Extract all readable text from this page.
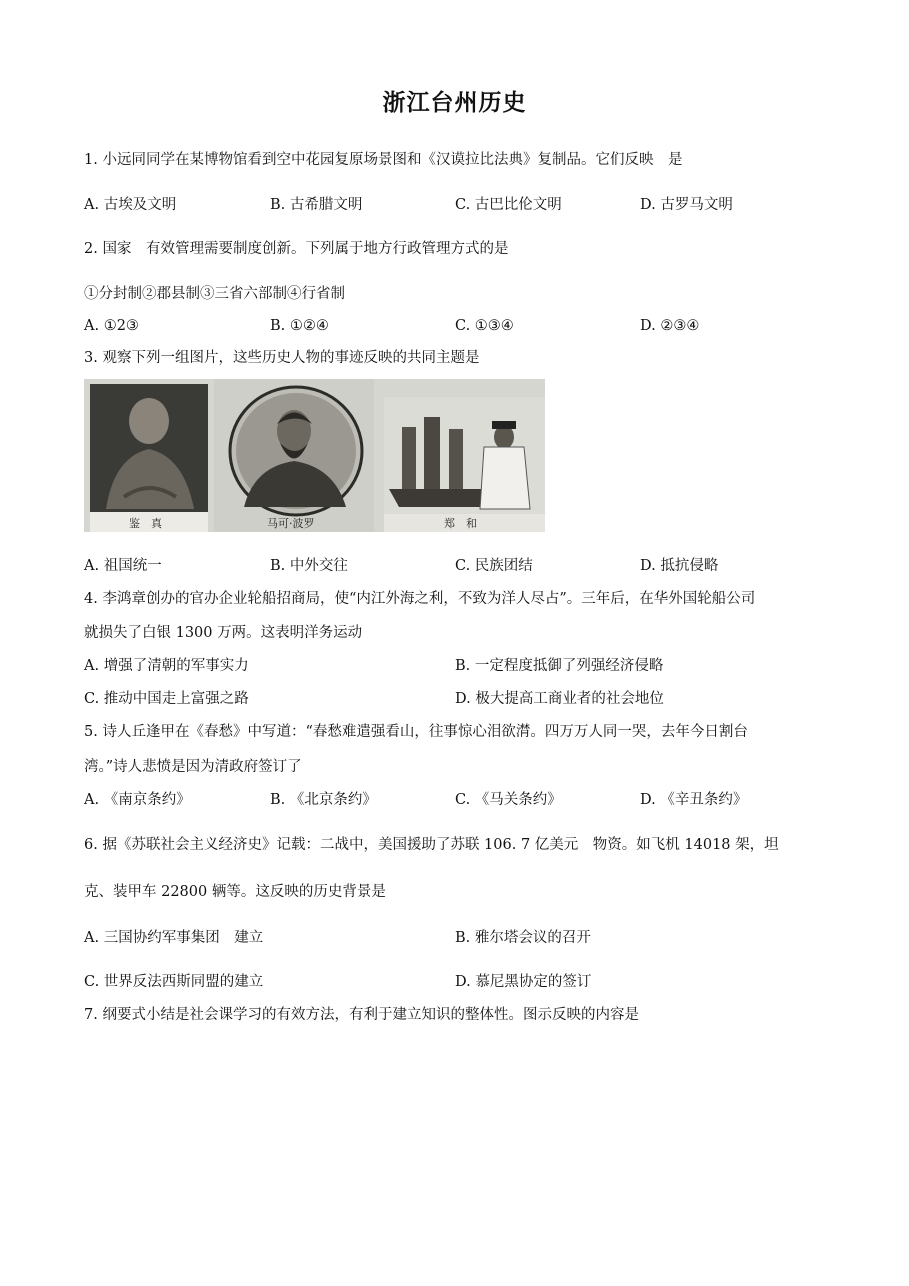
浙江台州历史
1. 小远同同学在某博物馆看到空中花园复原场景图和《汉谟拉比法典》复制品。它们反映　是
A. 古埃及文明	B. 古希腊文明	C. 古巴比伦文明	D. 古罗马文明
2. 国家　有效管理需要制度创新。下列属于地方行政管理方式的是
①分封制②郡县制③三省六部制④行省制
A. ①2③	B. ①②④	C. ①③④	D. ②③④
3. 观察下列一组图片，这些历史人物的事迹反映的共同主题是
鉴　真	马可·波罗	郑　和
A. 祖国统一	B. 中外交往	C. 民族团结	D. 抵抗侵略
4. 李鸿章创办的官办企业轮船招商局，使“内江外海之利，不致为洋人尽占”。三年后，在华外国轮船公司
就损失了白银 1300 万两。这表明洋务运动
A. 增强了清朝的军事实力	B. 一定程度抵御了列强经济侵略
C. 推动中国走上富强之路	D. 极大提高工商业者的社会地位
5. 诗人丘逢甲在《春愁》中写道：“春愁难遣强看山，往事惊心泪欲潸。四万万人同一哭，去年今日割台
湾。”诗人悲愤是因为清政府签订了
A. 《南京条约》	B. 《北京条约》	C. 《马关条约》	D. 《辛丑条约》
6. 据《苏联社会主义经济史》记载：二战中，美国援助了苏联 106. 7 亿美元　物资。如飞机 14018 架，坦
克、装甲车 22800 辆等。这反映的历史背景是
A. 三国协约军事集团　建立	B. 雅尔塔会议的召开
C. 世界反法西斯同盟的建立	D. 慕尼黑协定的签订
7. 纲要式小结是社会课学习的有效方法，有利于建立知识的整体性。图示反映的内容是
